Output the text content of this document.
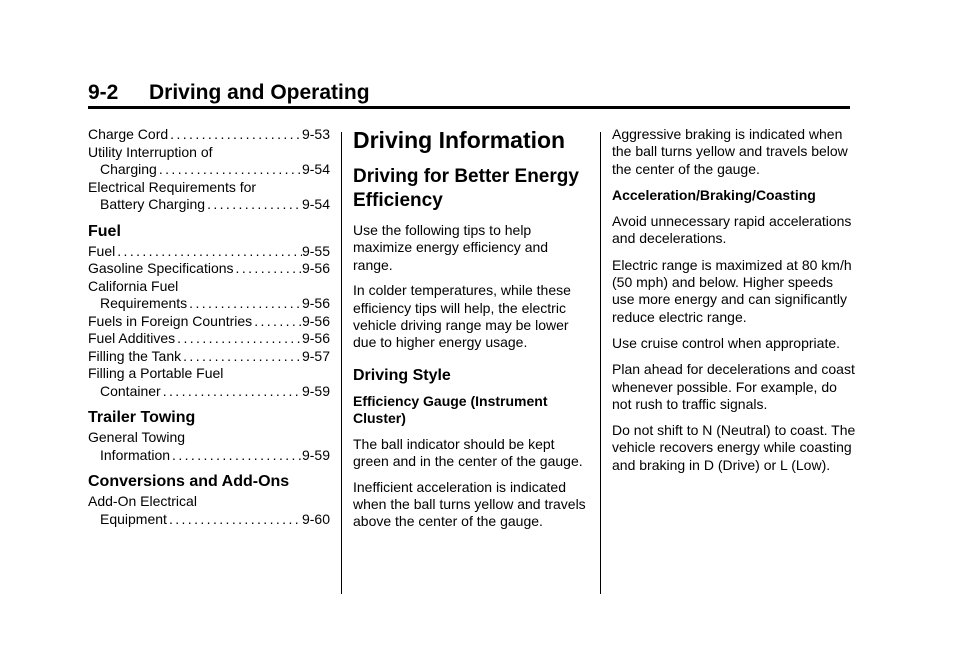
9-2 Driving and Operating
Charge Cord .....	9-53
Utility Interruption of
Charging .....	9-54
Electrical Requirements for
Battery Charging .....	9-54
Fuel
Fuel .....	9-55
Gasoline Specifications .....	9-56
California Fuel
Requirements .....	9-56
Fuels in Foreign Countries .....	9-56
Fuel Additives .....	9-56
Filling the Tank .....	9-57
Filling a Portable Fuel
Container .....	9-59
Trailer Towing
General Towing
Information .....	9-59
Conversions and Add-Ons
Add-On Electrical
Equipment .....	9-60
Driving Information
Driving for Better Energy Efficiency

Use the following tips to help maximize energy efficiency and range.

In colder temperatures, while these efficiency tips will help, the electric vehicle driving range may be lower due to higher energy usage.

Driving Style

Efficiency Gauge (Instrument Cluster)

The ball indicator should be kept green and in the center of the gauge.

Inefficient acceleration is indicated when the ball turns yellow and travels above the center of the gauge.

Aggressive braking is indicated when the ball turns yellow and travels below the center of the gauge.

Acceleration/Braking/Coasting

Avoid unnecessary rapid accelerations and decelerations.

Electric range is maximized at 80 km/h (50 mph) and below. Higher speeds use more energy and can significantly reduce electric range.

Use cruise control when appropriate.

Plan ahead for decelerations and coast whenever possible. For example, do not rush to traffic signals.

Do not shift to N (Neutral) to coast. The vehicle recovers energy while coasting and braking in D (Drive) or L (Low).
